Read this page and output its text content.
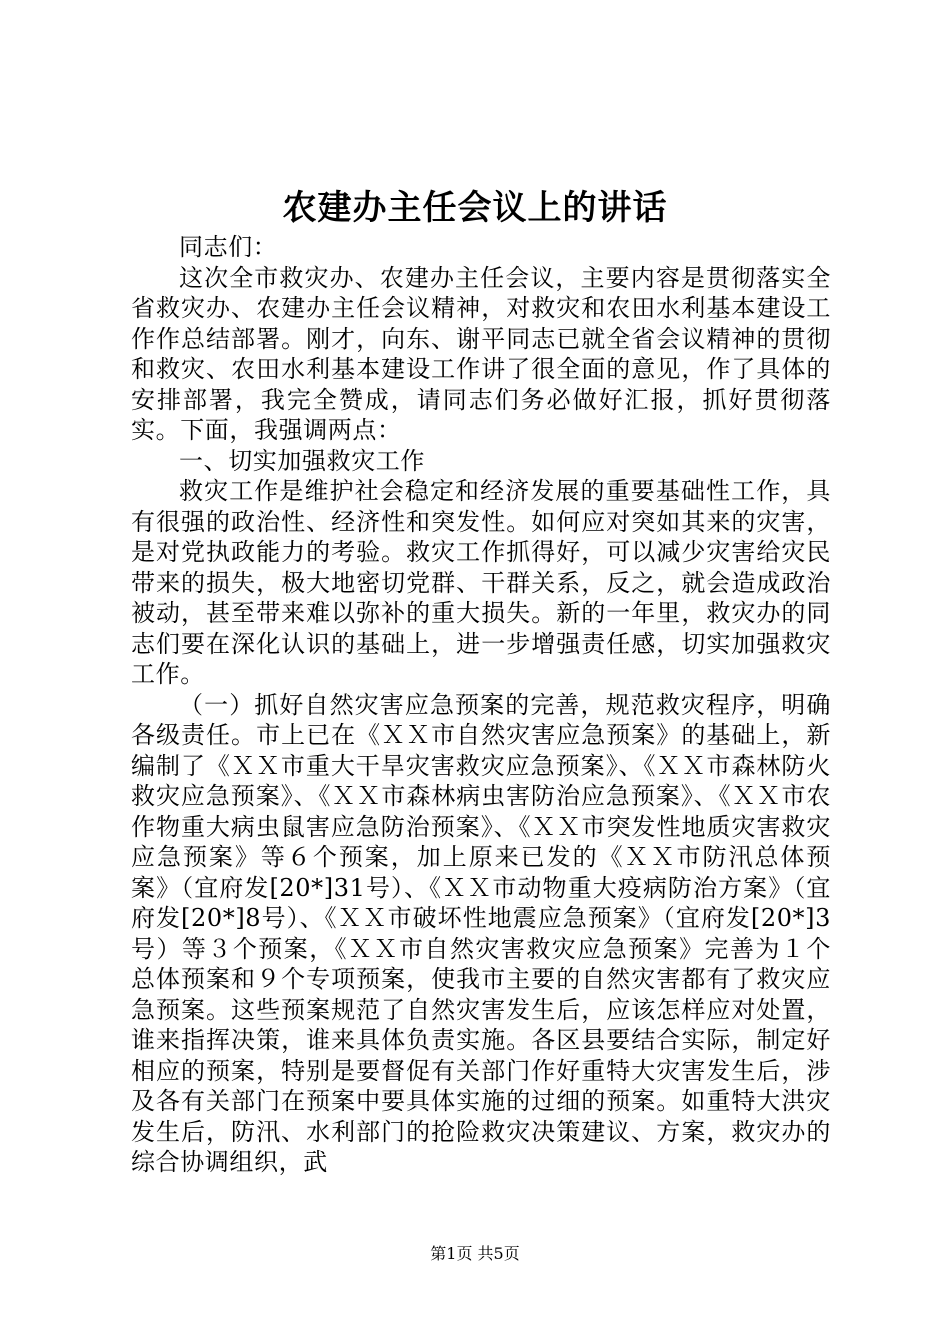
农建办主任会议上的讲话

同志们：

这次全市救灾办、农建办主任会议，主要内容是贯彻落实全省救灾办、农建办主任会议精神，对救灾和农田水利基本建设工作作总结部署。刚才，向东、谢平同志已就全省会议精神的贯彻和救灾、农田水利基本建设工作讲了很全面的意见，作了具体的安排部署，我完全赞成，请同志们务必做好汇报，抓好贯彻落实。下面，我强调两点：

一、切实加强救灾工作

救灾工作是维护社会稳定和经济发展的重要基础性工作，具有很强的政治性、经济性和突发性。如何应对突如其来的灾害，是对党执政能力的考验。救灾工作抓得好，可以减少灾害给灾民带来的损失，极大地密切党群、干群关系，反之，就会造成政治被动，甚至带来难以弥补的重大损失。新的一年里，救灾办的同志们要在深化认识的基础上，进一步增强责任感，切实加强救灾工作。

（一）抓好自然灾害应急预案的完善，规范救灾程序，明确各级责任。市上已在《ＸＸ市自然灾害应急预案》的基础上，新编制了《ＸＸ市重大干旱灾害救灾应急预案》、《ＸＸ市森林防火救灾应急预案》、《ＸＸ市森林病虫害防治应急预案》、《ＸＸ市农作物重大病虫鼠害应急防治预案》、《ＸＸ市突发性地质灾害救灾应急预案》等６个预案，加上原来已发的《ＸＸ市防汛总体预案》（宜府发[20*]31号）、《ＸＸ市动物重大疫病防治方案》（宜府发[20*]8号）、《ＸＸ市破坏性地震应急预案》（宜府发[20*]3号）等３个预案，《ＸＸ市自然灾害救灾应急预案》完善为１个总体预案和９个专项预案，使我市主要的自然灾害都有了救灾应急预案。这些预案规范了自然灾害发生后，应该怎样应对处置，谁来指挥决策，谁来具体负责实施。各区县要结合实际，制定好相应的预案，特别是要督促有关部门作好重特大灾害发生后，涉及各有关部门在预案中要具体实施的过细的预案。如重特大洪灾发生后，防汛、水利部门的抢险救灾决策建议、方案，救灾办的综合协调组织，武

第1页 共5页
